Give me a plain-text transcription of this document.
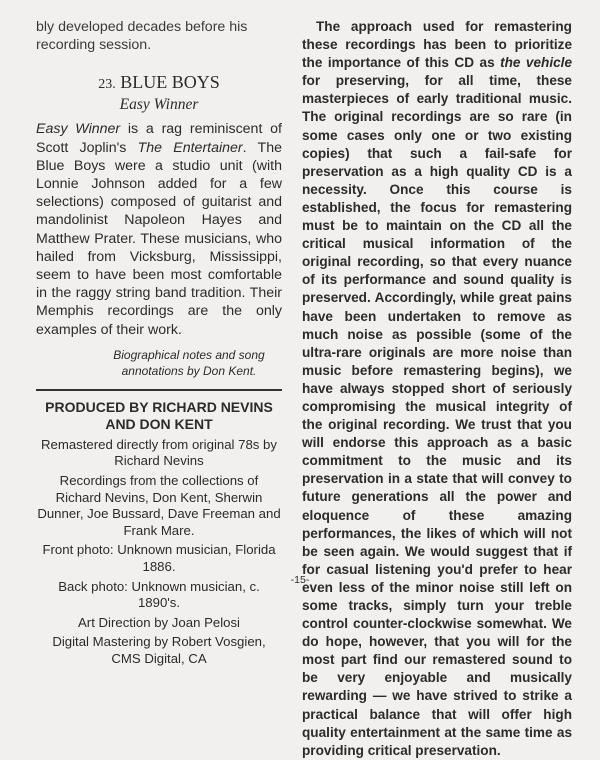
bly developed decades before his recording session.

23. BLUE BOYS
Easy Winner

Easy Winner is a rag reminiscent of Scott Joplin's The Entertainer. The Blue Boys were a studio unit (with Lonnie Johnson added for a few selections) composed of guitarist and mandolinist Napoleon Hayes and Matthew Prater. These musicians, who hailed from Vicksburg, Mississippi, seem to have been most comfortable in the raggy string band tradition. Their Memphis recordings are the only examples of their work.

Biographical notes and song annotations by Don Kent.

PRODUCED BY RICHARD NEVINS AND DON KENT

Remastered directly from original 78s by Richard Nevins

Recordings from the collections of Richard Nevins, Don Kent, Sherwin Dunner, Joe Bussard, Dave Freeman and Frank Mare.

Front photo: Unknown musician, Florida 1886.

Back photo: Unknown musician, c. 1890's.

Art Direction by Joan Pelosi

Digital Mastering by Robert Vosgien, CMS Digital, CA

The approach used for remastering these recordings has been to prioritize the importance of this CD as the vehicle for preserving, for all time, these masterpieces of early traditional music. The original recordings are so rare (in some cases only one or two existing copies) that such a fail-safe for preservation as a high quality CD is a necessity. Once this course is established, the focus for remastering must be to maintain on the CD all the critical musical information of the original recording, so that every nuance of its performance and sound quality is preserved. Accordingly, while great pains have been undertaken to remove as much noise as possible (some of the ultra-rare originals are more noise than music before remastering begins), we have always stopped short of seriously compromising the musical integrity of the original recording. We trust that you will endorse this approach as a basic commitment to the music and its preservation in a state that will convey to future generations all the power and eloquence of these amazing performances, the likes of which will not be seen again. We would suggest that if for casual listening you'd prefer to hear even less of the minor noise still left on some tracks, simply turn your treble control counter-clockwise somewhat. We do hope, however, that you will for the most part find our remastered sound to be very enjoyable and musically rewarding — we have strived to strike a practical balance that will offer high quality entertainment at the same time as providing critical preservation.

-15-
